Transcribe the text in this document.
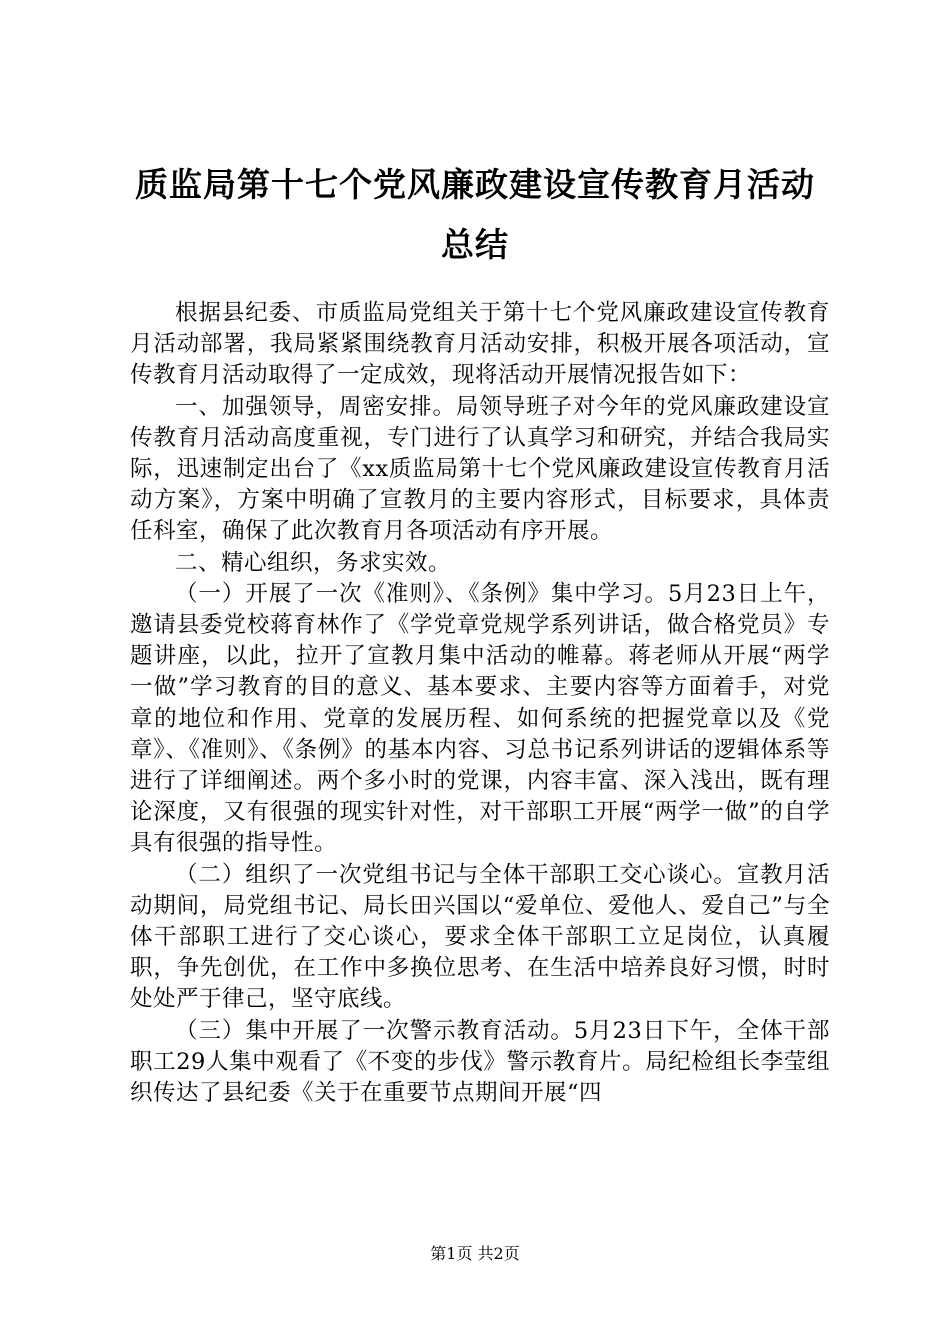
质监局第十七个党风廉政建设宣传教育月活动
总结

根据县纪委、市质监局党组关于第十七个党风廉政建设宣传教育月活动部署，我局紧紧围绕教育月活动安排，积极开展各项活动，宣传教育月活动取得了一定成效，现将活动开展情况报告如下：

一、加强领导，周密安排。局领导班子对今年的党风廉政建设宣传教育月活动高度重视，专门进行了认真学习和研究，并结合我局实际，迅速制定出台了《xx质监局第十七个党风廉政建设宣传教育月活动方案》，方案中明确了宣教月的主要内容形式，目标要求，具体责任科室，确保了此次教育月各项活动有序开展。

二、精心组织，务求实效。

（一）开展了一次《准则》、《条例》集中学习。5月23日上午，邀请县委党校蒋育林作了《学党章党规学系列讲话，做合格党员》专题讲座，以此，拉开了宣教月集中活动的帷幕。蒋老师从开展“两学一做”学习教育的目的意义、基本要求、主要内容等方面着手，对党章的地位和作用、党章的发展历程、如何系统的把握党章以及《党章》、《准则》、《条例》的基本内容、习总书记系列讲话的逻辑体系等进行了详细阐述。两个多小时的党课，内容丰富、深入浅出，既有理论深度，又有很强的现实针对性，对干部职工开展“两学一做”的自学具有很强的指导性。

（二）组织了一次党组书记与全体干部职工交心谈心。宣教月活动期间，局党组书记、局长田兴国以“爱单位、爱他人、爱自己”与全体干部职工进行了交心谈心，要求全体干部职工立足岗位，认真履职，争先创优，在工作中多换位思考、在生活中培养良好习惯，时时处处严于律己，坚守底线。

（三）集中开展了一次警示教育活动。5月23日下午，全体干部职工29人集中观看了《不变的步伐》警示教育片。局纪检组长李莹组织传达了县纪委《关于在重要节点期间开展“四

第1页 共2页
